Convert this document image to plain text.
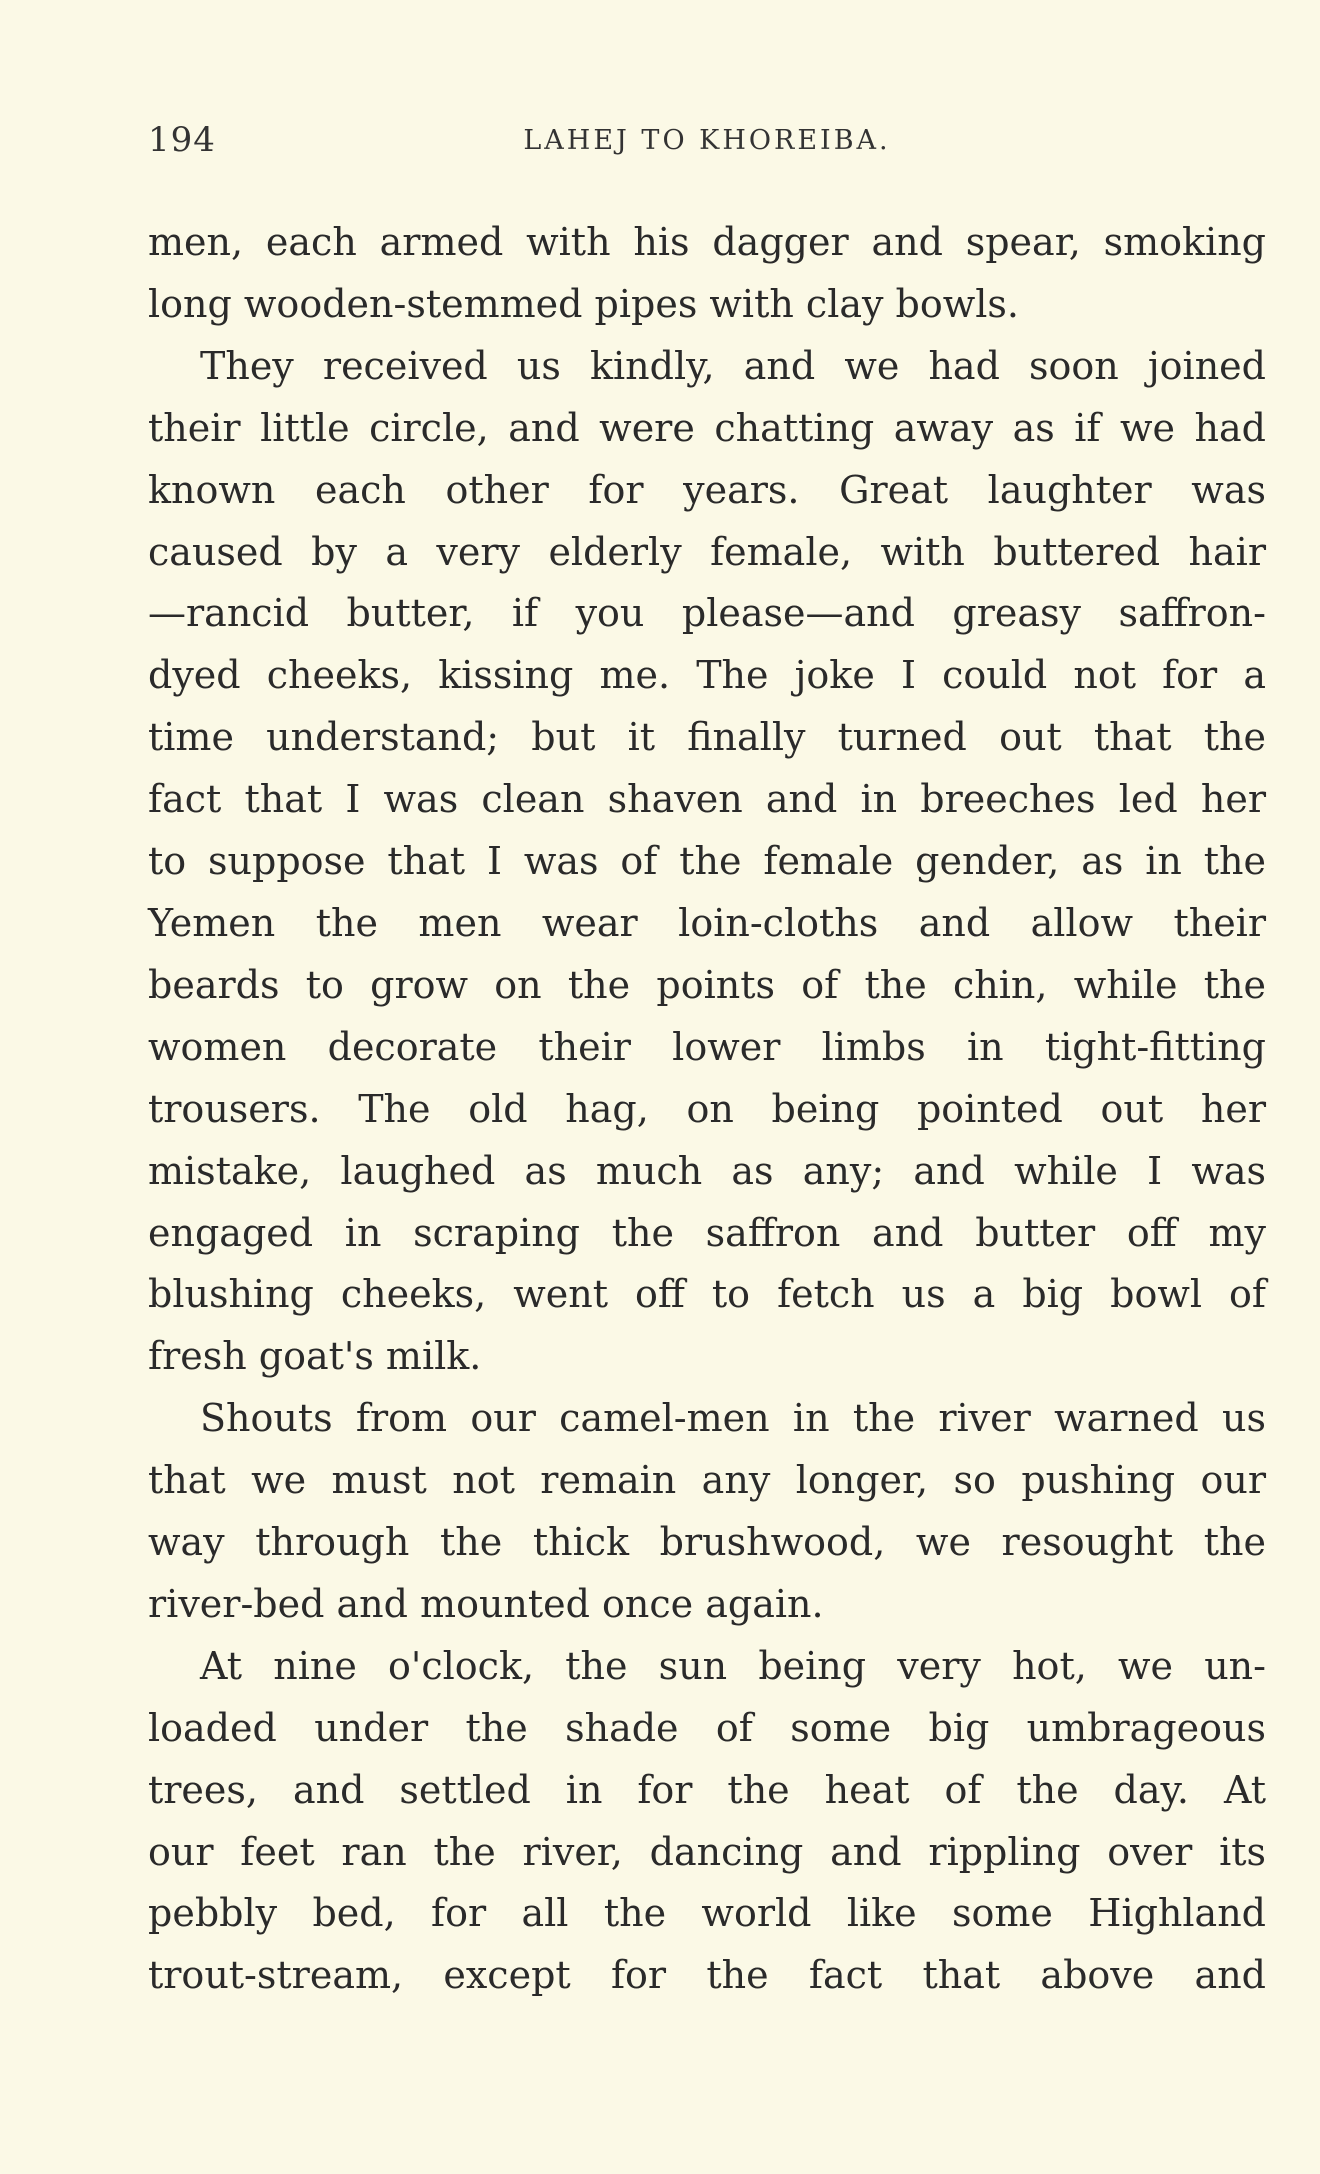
194	LAHEJ TO KHOREIBA.
men, each armed with his dagger and spear, smoking
long wooden-stemmed pipes with clay bowls.
They received us kindly, and we had soon joined
their little circle, and were chatting away as if we had
known each other for years. Great laughter was
caused by a very elderly female, with buttered hair
—rancid butter, if you please—and greasy saffron-
dyed cheeks, kissing me. The joke I could not for a
time understand; but it finally turned out that the
fact that I was clean shaven and in breeches led her
to suppose that I was of the female gender, as in the
Yemen the men wear loin-cloths and allow their
beards to grow on the points of the chin, while the
women decorate their lower limbs in tight-fitting
trousers. The old hag, on being pointed out her
mistake, laughed as much as any; and while I was
engaged in scraping the saffron and butter off my
blushing cheeks, went off to fetch us a big bowl of
fresh goat's milk.
Shouts from our camel-men in the river warned us
that we must not remain any longer, so pushing our
way through the thick brushwood, we resought the
river-bed and mounted once again.
At nine o'clock, the sun being very hot, we un-
loaded under the shade of some big umbrageous
trees, and settled in for the heat of the day. At
our feet ran the river, dancing and rippling over its
pebbly bed, for all the world like some Highland
trout-stream, except for the fact that above and
